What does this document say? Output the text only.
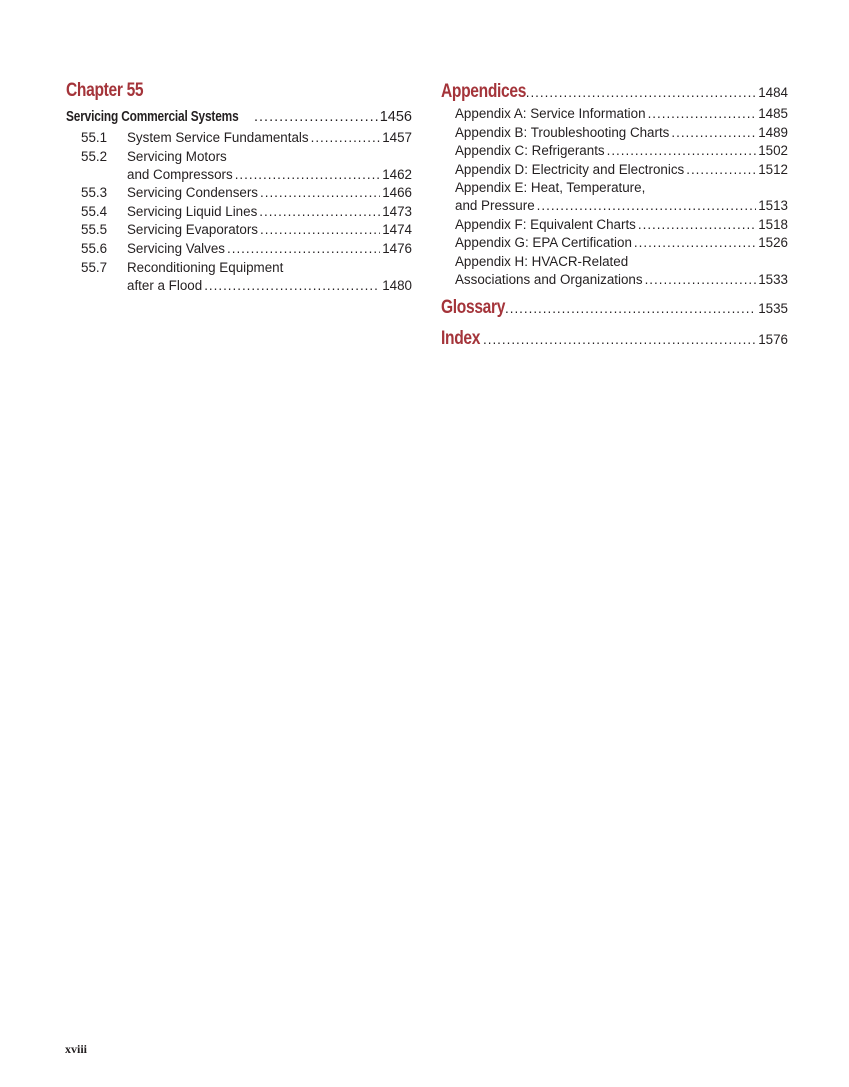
Chapter 55
Servicing Commercial Systems .....	1456
55.1 System Service Fundamentals .....	1457
55.2 Servicing Motors
and Compressors .....	1462
55.3 Servicing Condensers .....	1466
55.4 Servicing Liquid Lines .....	1473
55.5 Servicing Evaporators .....	1474
55.6 Servicing Valves .....	1476
55.7 Reconditioning Equipment
after a Flood .....	1480
Appendices .....	1484
Appendix A: Service Information .....	1485
Appendix B: Troubleshooting Charts .....	1489
Appendix C: Refrigerants .....	1502
Appendix D: Electricity and Electronics .....	1512
Appendix E: Heat, Temperature,
and Pressure .....	1513
Appendix F: Equivalent Charts .....	1518
Appendix G: EPA Certification .....	1526
Appendix H: HVACR-Related
Associations and Organizations .....	1533
Glossary .....	1535
Index .....	1576
xviii
